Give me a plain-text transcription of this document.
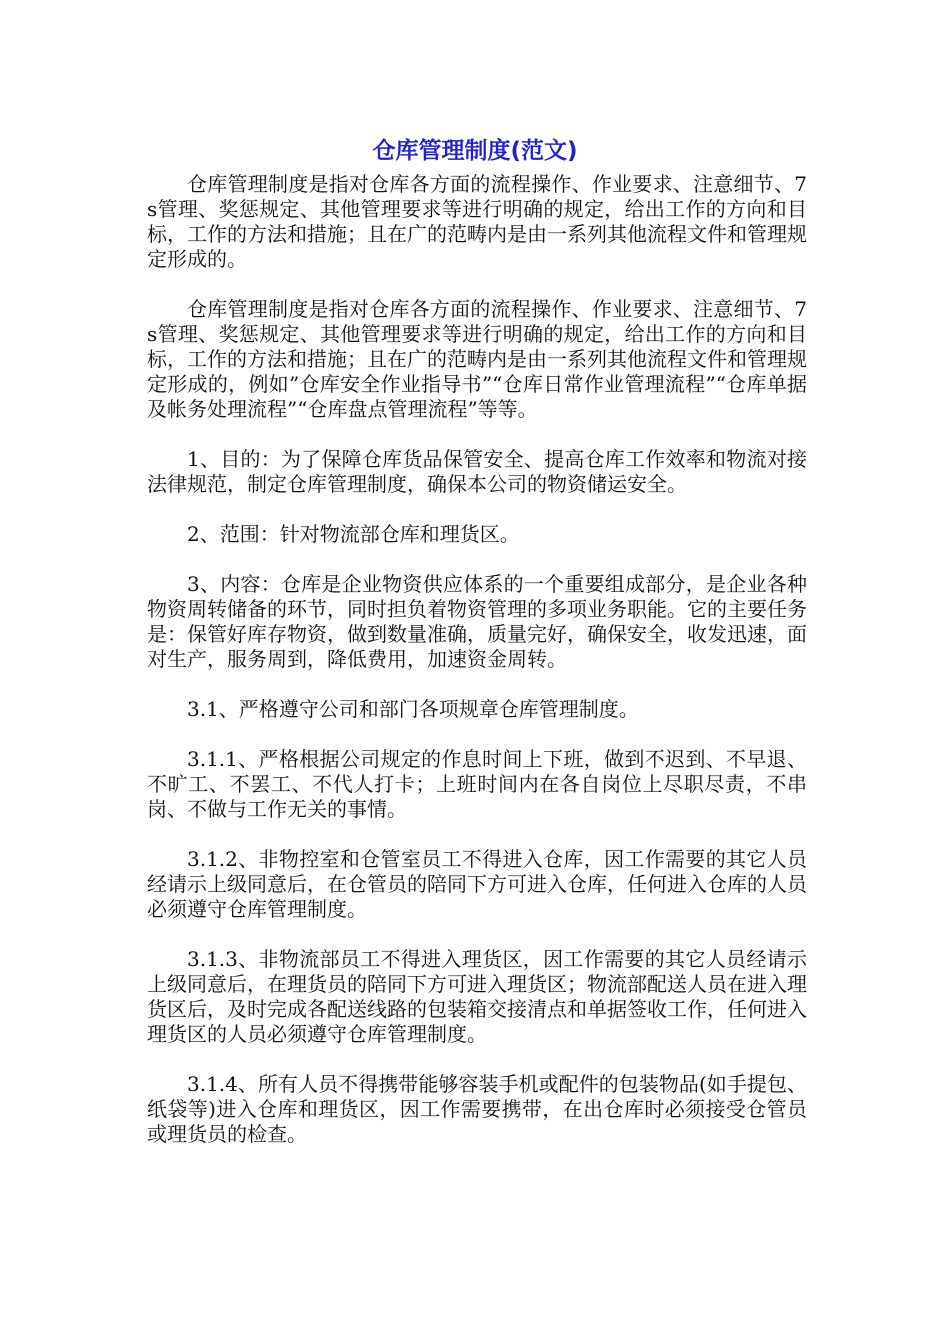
仓库管理制度(范文)

仓库管理制度是指对仓库各方面的流程操作、作业要求、注意细节、7s管理、奖惩规定、其他管理要求等进行明确的规定，给出工作的方向和目标，工作的方法和措施；且在广的范畴内是由一系列其他流程文件和管理规定形成的。

仓库管理制度是指对仓库各方面的流程操作、作业要求、注意细节、7s管理、奖惩规定、其他管理要求等进行明确的规定，给出工作的方向和目标，工作的方法和措施；且在广的范畴内是由一系列其他流程文件和管理规定形成的，例如”仓库安全作业指导书”“仓库日常作业管理流程”“仓库单据及帐务处理流程”“仓库盘点管理流程”等等。

1、目的：为了保障仓库货品保管安全、提高仓库工作效率和物流对接法律规范，制定仓库管理制度，确保本公司的物资储运安全。

2、范围：针对物流部仓库和理货区。

3、内容：仓库是企业物资供应体系的一个重要组成部分，是企业各种物资周转储备的环节，同时担负着物资管理的多项业务职能。它的主要任务是：保管好库存物资，做到数量准确，质量完好，确保安全，收发迅速，面对生产，服务周到，降低费用，加速资金周转。

3.1、严格遵守公司和部门各项规章仓库管理制度。

3.1.1、严格根据公司规定的作息时间上下班，做到不迟到、不早退、不旷工、不罢工、不代人打卡；上班时间内在各自岗位上尽职尽责，不串岗、不做与工作无关的事情。

3.1.2、非物控室和仓管室员工不得进入仓库，因工作需要的其它人员经请示上级同意后，在仓管员的陪同下方可进入仓库，任何进入仓库的人员必须遵守仓库管理制度。

3.1.3、非物流部员工不得进入理货区，因工作需要的其它人员经请示上级同意后，在理货员的陪同下方可进入理货区；物流部配送人员在进入理货区后，及时完成各配送线路的包装箱交接清点和单据签收工作，任何进入理货区的人员必须遵守仓库管理制度。

3.1.4、所有人员不得携带能够容装手机或配件的包装物品(如手提包、纸袋等)进入仓库和理货区，因工作需要携带，在出仓库时必须接受仓管员或理货员的检查。
